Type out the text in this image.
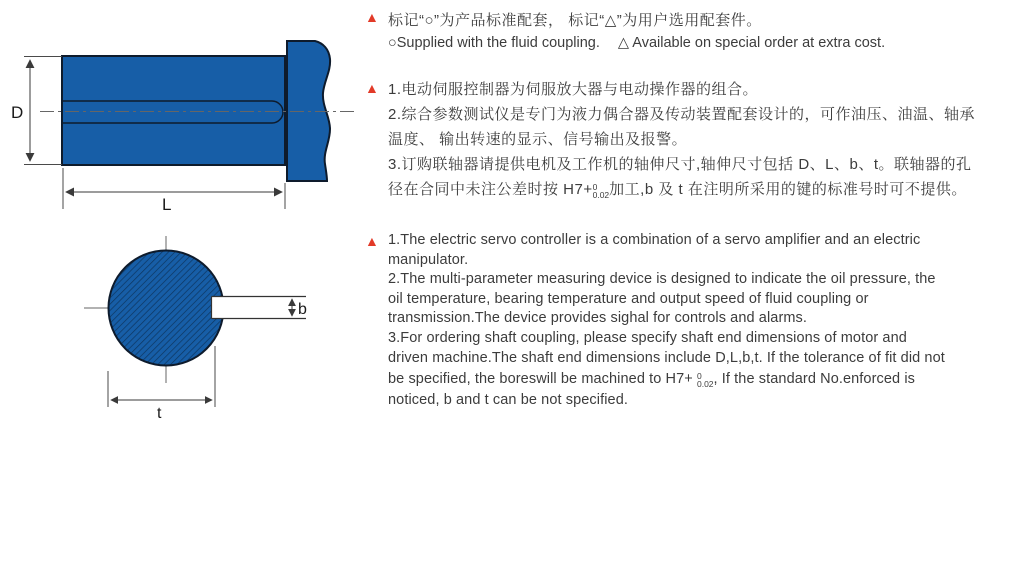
D
L
b
t
▲ 标记“○”为产品标准配套， 标记“△”为用户选用配套件。
○Supplied with the fluid coupling. △ Available on special order at extra cost.
▲ 1.电动伺服控制器为伺服放大器与电动操作器的组合。
2.综合参数测试仪是专门为液力偶合器及传动装置配套设计的，可作油压、油温、轴承
温度、 输出转速的显示、信号输出及报警。
3.订购联轴器请提供电机及工作机的轴伸尺寸,轴伸尺寸包括 D、L、b、t。联轴器的孔
径在合同中未注公差时按 H7+ 0
0.02 加工,b 及 t 在注明所采用的键的标准号时可不提供。
▲ 1.The electric servo controller is a combination of a servo amplifier and an electric
manipulator.
2.The multi-parameter measuring device is designed to indicate the oil pressure, the
oil temperature, bearing temperature and output speed of fluid coupling or
transmission.The device provides sighal for controls and alarms.
3.For ordering shaft coupling, please specify shaft end dimensions of motor and
driven machine.The shaft end dimensions include D,L,b,t. If the tolerance of fit did not
be specified, the boreswill be machined to H7+ 0
0.02 , If the standard No.enforced is
noticed, b and t can be not specified.
